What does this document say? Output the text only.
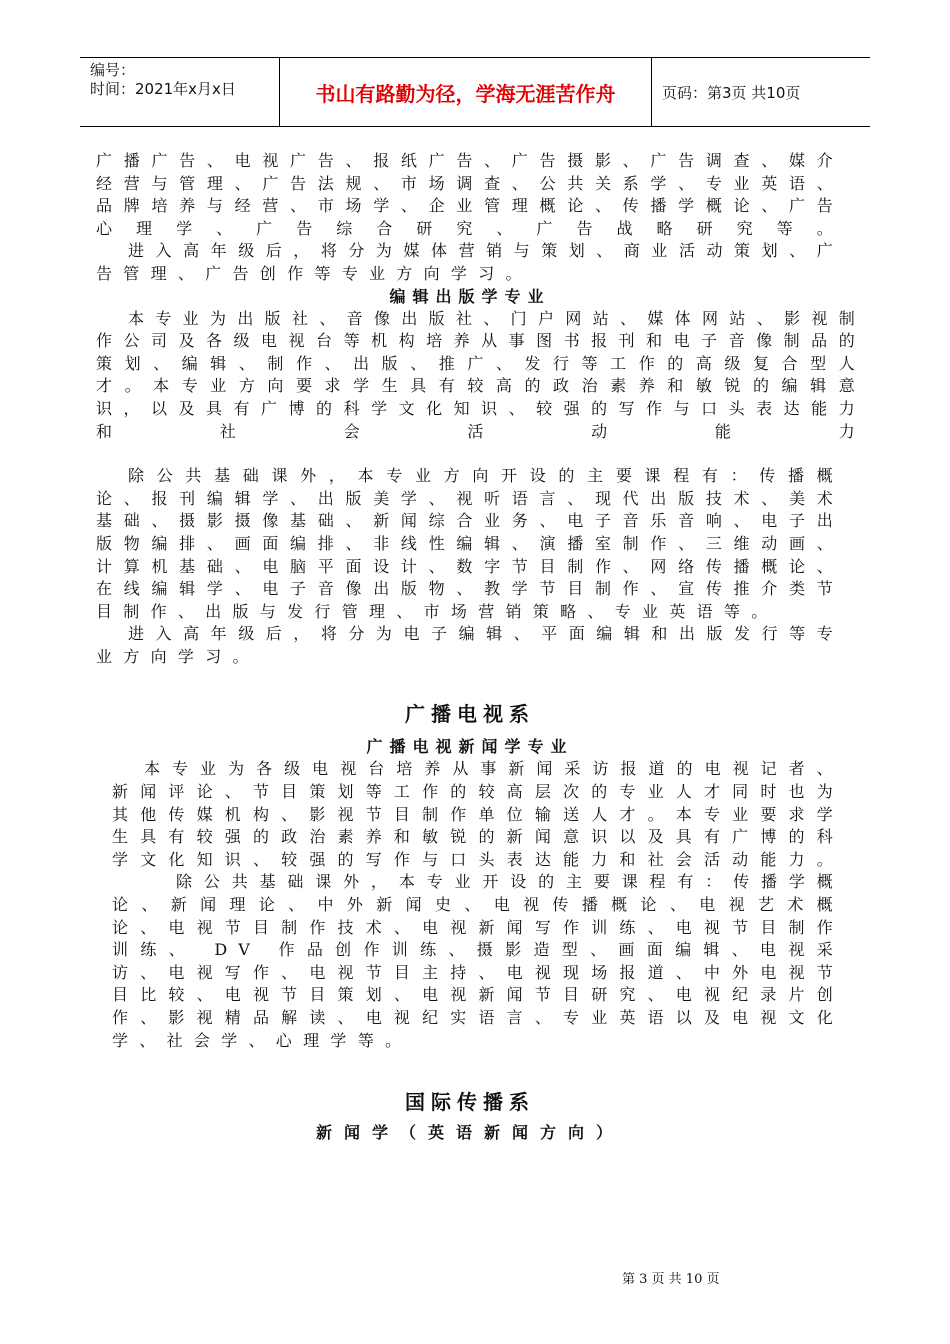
编号：
时间：2021年x月x日	书山有路勤为径，学海无涯苦作舟	页码：第3页 共10页

广播广告、电视广告、报纸广告、广告摄影、广告调查、媒介经营与管理、广告法规、市场调查、公共关系学、专业英语、品牌培养与经营、市场学、企业管理概论、传播学概论、广告心理学、广告综合研究、广告战略研究等。

进入高年级后，将分为媒体营销与策划、商业活动策划、广告管理、广告创作等专业方向学习。

编辑出版学专业

本专业为出版社、音像出版社、门户网站、媒体网站、影视制作公司及各级电视台等机构培养从事图书报刊和电子音像制品的策划、编辑、制作、出版、推广、发行等工作的高级复合型人才。本专业方向要求学生具有较高的政治素养和敏锐的编辑意识，以及具有广博的科学文化知识、较强的写作与口头表达能力和社会活动能力

除公共基础课外，本专业方向开设的主要课程有：传播概论、报刊编辑学、出版美学、视听语言、现代出版技术、美术基础、摄影摄像基础、新闻综合业务、电子音乐音响、电子出版物编排、画面编排、非线性编辑、演播室制作、三维动画、计算机基础、电脑平面设计、数字节目制作、网络传播概论、在线编辑学、电子音像出版物、教学节目制作、宣传推介类节目制作、出版与发行管理、市场营销策略、专业英语等。

进入高年级后，将分为电子编辑、平面编辑和出版发行等专业方向学习。

广播电视系

广播电视新闻学专业

本专业为各级电视台培养从事新闻采访报道的电视记者、新闻评论、节目策划等工作的较高层次的专业人才同时也为其他传媒机构、影视节目制作单位输送人才。本专业要求学生具有较强的政治素养和敏锐的新闻意识以及具有广博的科学文化知识、较强的写作与口头表达能力和社会活动能力。

除公共基础课外，本专业开设的主要课程有：传播学概论、新闻理论、中外新闻史、电视传播概论、电视艺术概论、电视节目制作技术、电视新闻写作训练、电视节目制作训练、 DV 作品创作训练、摄影造型、画面编辑、电视采访、电视写作、电视节目主持、电视现场报道、中外电视节目比较、电视节目策划、电视新闻节目研究、电视纪录片创作、影视精品解读、电视纪实语言、专业英语以及电视文化学、社会学、心理学等。

国际传播系

新闻学（英语新闻方向）

第 3 页 共 10 页
